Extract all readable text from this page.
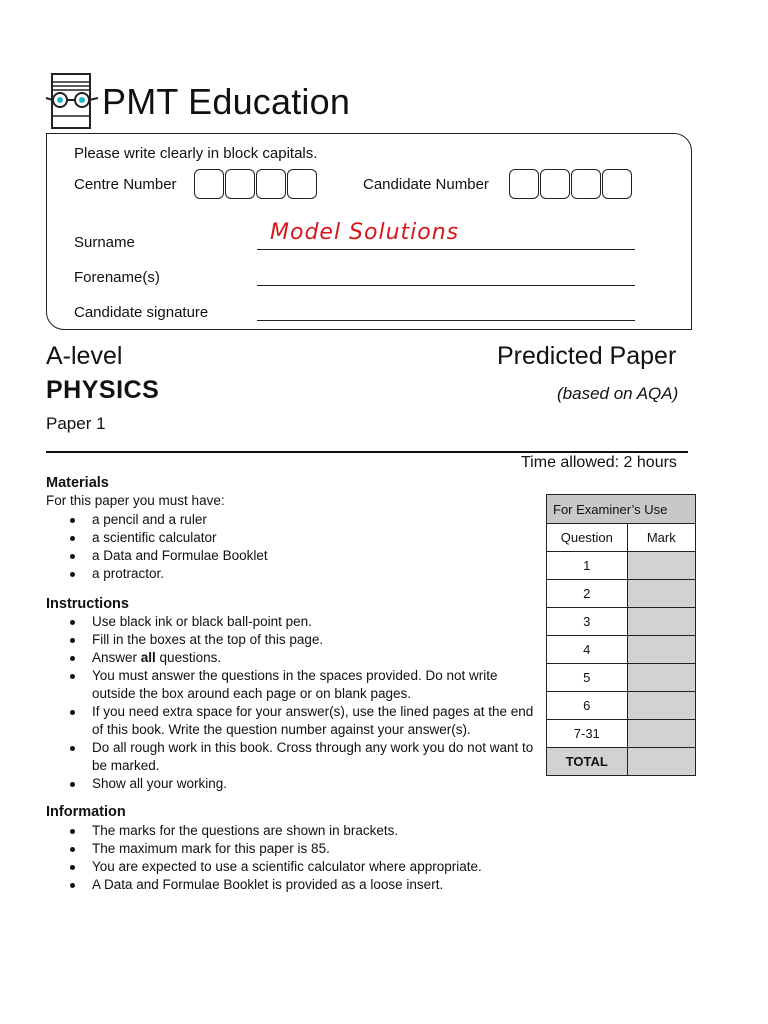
PMT Education
Please write clearly in block capitals.
Centre Number	Candidate Number
Surname	Model Solutions
Forename(s)
Candidate signature
A-level	Predicted Paper
PHYSICS	(based on AQA)
Paper 1
Time allowed: 2 hours
Materials
For this paper you must have:
a pencil and a ruler
a scientific calculator
a Data and Formulae Booklet
a protractor.
Instructions
Use black ink or black ball-point pen.
Fill in the boxes at the top of this page.
Answer all questions.
You must answer the questions in the spaces provided. Do not write outside the box around each page or on blank pages.
If you need extra space for your answer(s), use the lined pages at the end of this book. Write the question number against your answer(s).
Do all rough work in this book. Cross through any work you do not want to be marked.
Show all your working.
Information
The marks for the questions are shown in brackets.
The maximum mark for this paper is 85.
You are expected to use a scientific calculator where appropriate.
A Data and Formulae Booklet is provided as a loose insert.
For Examiner’s Use	
Question	Mark
1	
2	
3	
4	
5	
6	
7-31	
TOTAL	
